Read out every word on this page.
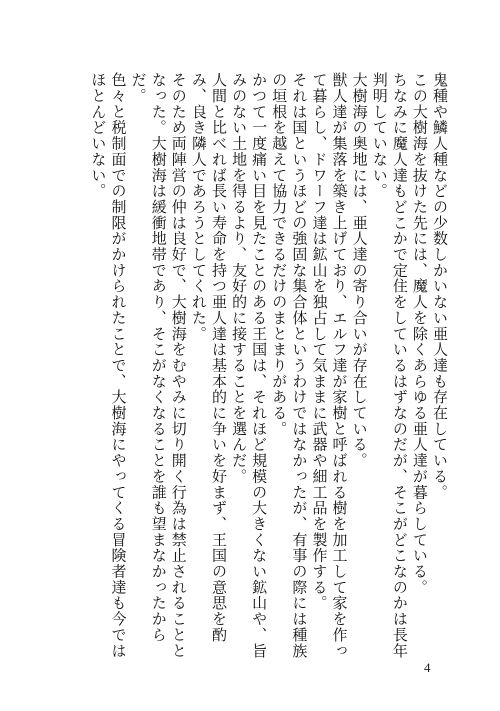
鬼種や鱗人種などの少数しかいない亜人達も存在している。

この大樹海を抜けた先には、魔人を除くあらゆる亜人達が暮らしている。

ちなみに魔人達もどこかで定住をしているはずなのだが、そこがどこなのかは長年判明していない。

大樹海の奥地には、亜人達の寄り合いが存在している。

獣人達が集落を築き上げており、エルフ達が家樹と呼ばれる樹を加工して家を作って暮らし、ドワーフ達は鉱山を独占して気ままに武器や細工品を製作する。

それは国というほどの強固な集合体というわけではなかったが、有事の際には種族の垣根を越えて協力できるだけのまとまりがある。

かつて一度痛い目を見たことのある王国は、それほど規模の大きくない鉱山や、旨みのない土地を得るより、友好的に接することを選んだ。

人間と比べれば長い寿命を持つ亜人達は基本的に争いを好まず、王国の意思を酌み、良き隣人であろうとしてくれた。

そのため両陣営の仲は良好で、大樹海をむやみに切り開く行為は禁止されることとなった。大樹海は緩衝地帯であり、そこがなくなることを誰も望まなかったからだ。

色々と税制面での制限がかけられたことで、大樹海にやってくる冒険者達も今ではほとんどいない。

4
